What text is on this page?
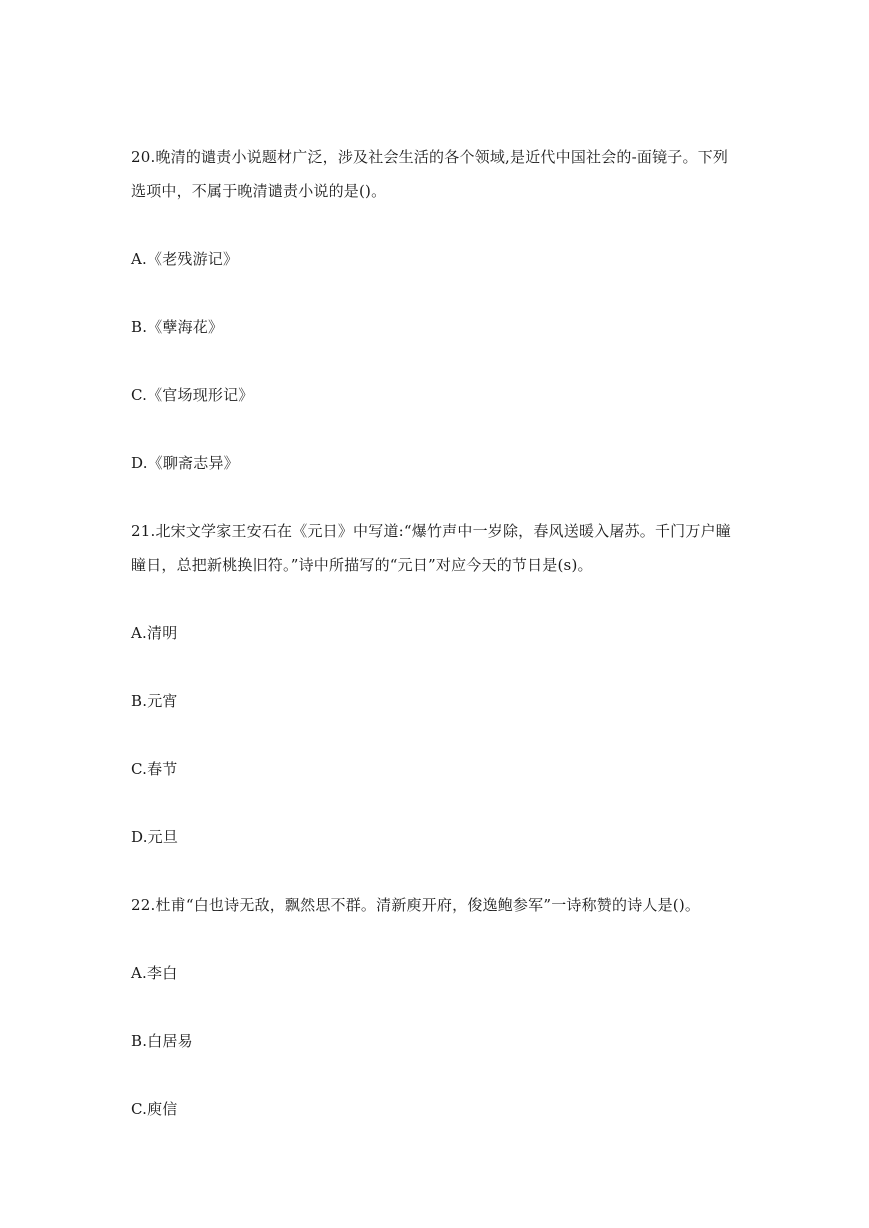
20.晚清的谴责小说题材广泛，涉及社会生活的各个领域,是近代中国社会的-面镜子。下列
选项中，不属于晚清谴责小说的是()。
A.《老残游记》
B.《孽海花》
C.《官场现形记》
D.《聊斋志异》
21.北宋文学家王安石在《元日》中写道:“爆竹声中一岁除，春风送暖入屠苏。千门万户瞳
瞳日，总把新桃换旧符。”诗中所描写的“元日”对应今天的节日是(s)。
A.清明
B.元宵
C.春节
D.元旦
22.杜甫“白也诗无敌，飘然思不群。清新庾开府，俊逸鲍参军”一诗称赞的诗人是()。
A.李白
B.白居易
C.庾信
